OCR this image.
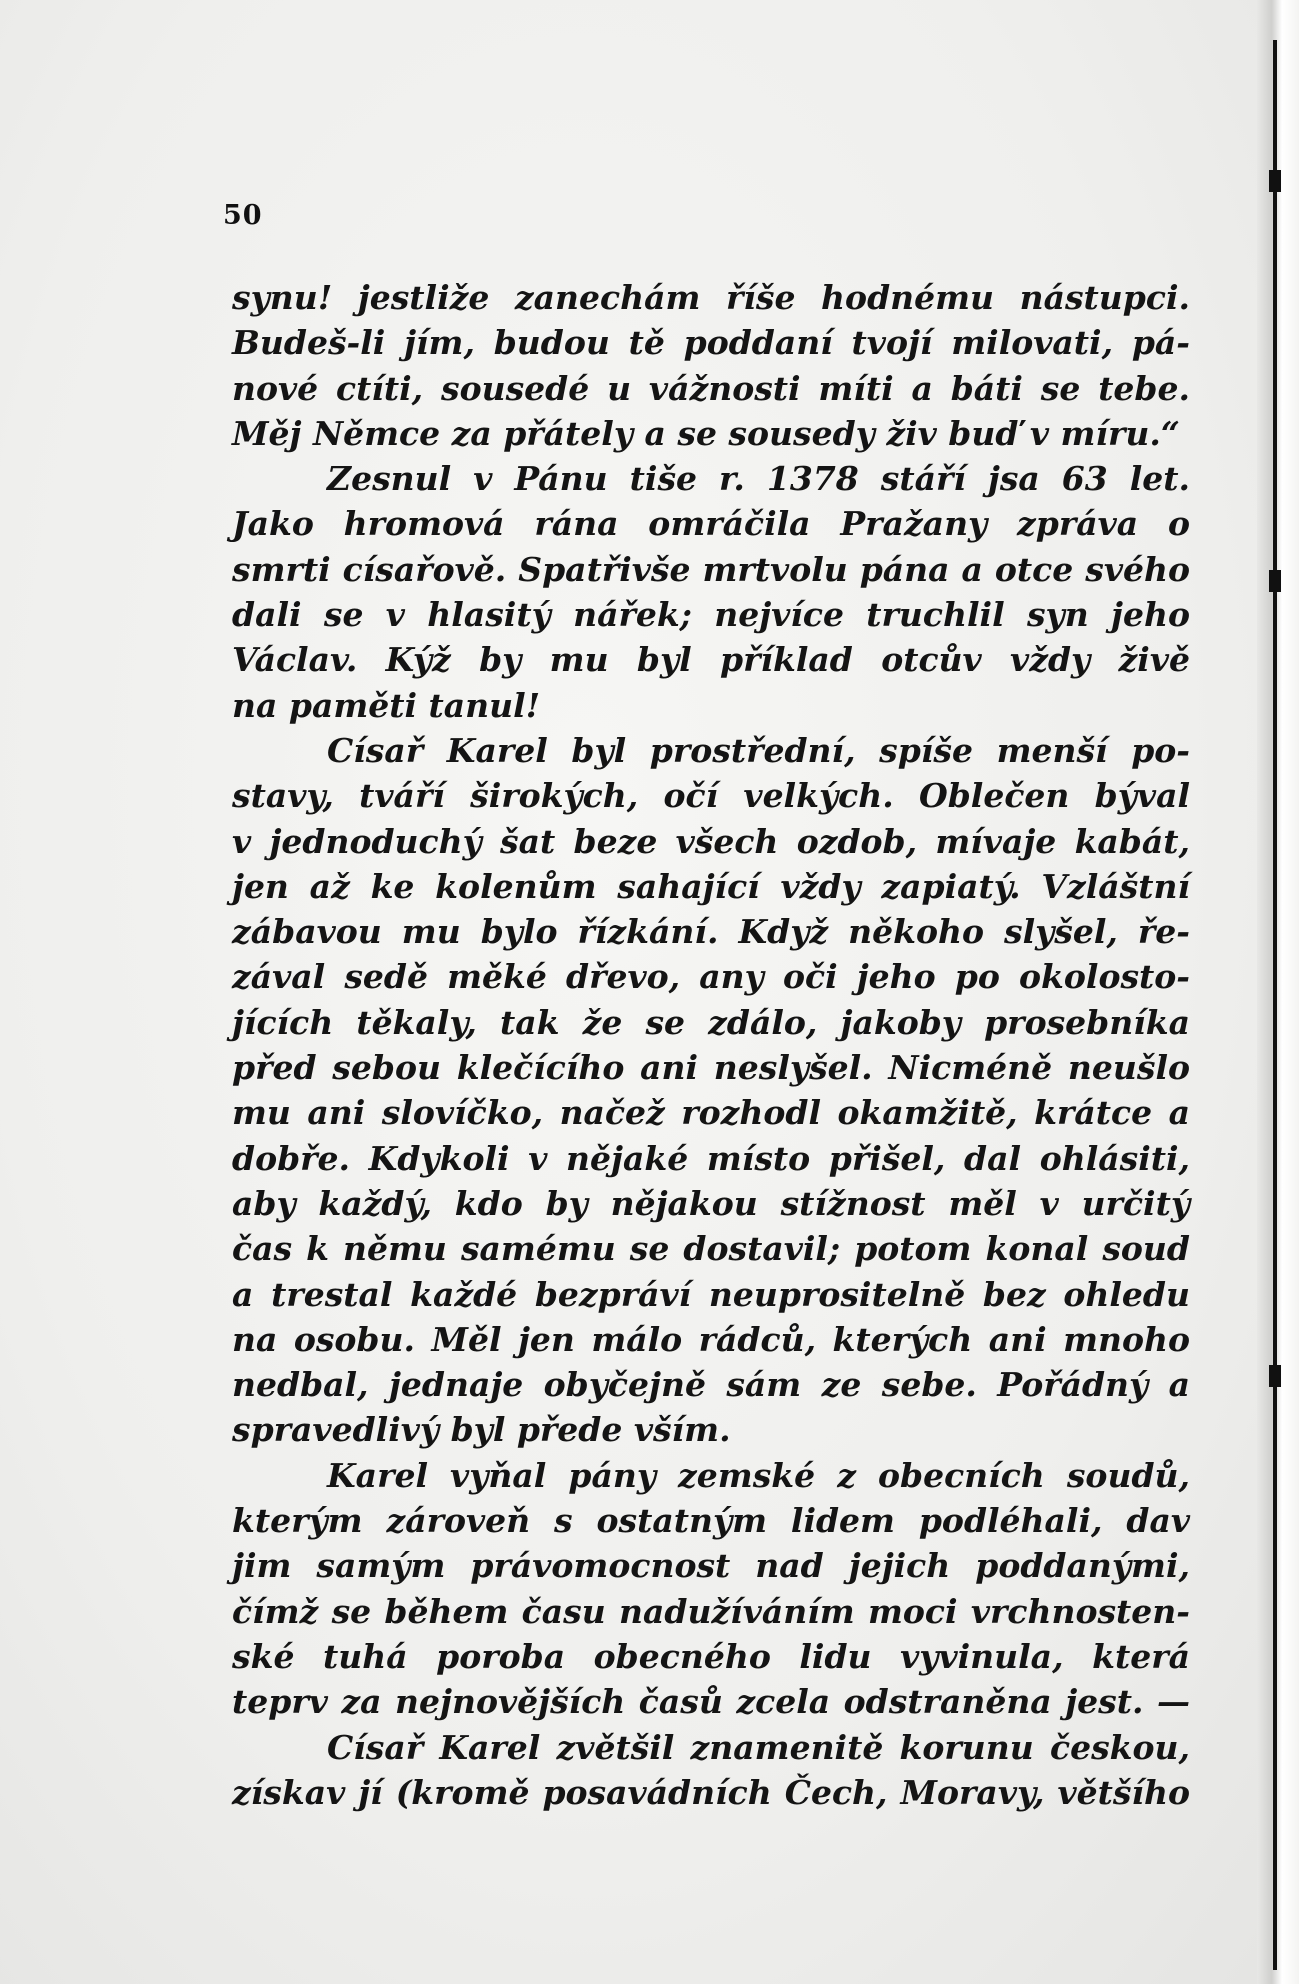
50
synu! jestliže zanechám říše hodnému nástupci.
Budeš-li jím, budou tě poddaní tvojí milovati, pá-
nové ctíti, sousedé u vážnosti míti a báti se tebe.
Měj Němce za přátely a se sousedy živ buď v míru.“
Zesnul v Pánu tiše r. 1378 stáří jsa 63 let.
Jako hromová rána omráčila Pražany zpráva o
smrti císařově. Spatřivše mrtvolu pána a otce svého
dali se v hlasitý nářek; nejvíce truchlil syn jeho
Václav. Kýž by mu byl příklad otcův vždy živě
na paměti tanul!
Císař Karel byl prostřední, spíše menší po-
stavy, tváří širokých, očí velkých. Oblečen býval
v jednoduchý šat beze všech ozdob, mívaje kabát,
jen až ke kolenům sahající vždy zapiatý. Vzláštní
zábavou mu bylo řízkání. Když někoho slyšel, ře-
zával sedě měké dřevo, any oči jeho po okolosto-
jících těkaly, tak že se zdálo, jakoby prosebníka
před sebou klečícího ani neslyšel. Nicméně neušlo
mu ani slovíčko, načež rozhodl okamžitě, krátce a
dobře. Kdykoli v nějaké místo přišel, dal ohlásiti,
aby každý, kdo by nějakou stížnost měl v určitý
čas k němu samému se dostavil; potom konal soud
a trestal každé bezpráví neuprositelně bez ohledu
na osobu. Měl jen málo rádců, kterých ani mnoho
nedbal, jednaje obyčejně sám ze sebe. Pořádný a
spravedlivý byl přede vším.
Karel vyňal pány zemské z obecních soudů,
kterým zároveň s ostatným lidem podléhali, dav
jim samým právomocnost nad jejich poddanými,
čímž se během času nadužíváním moci vrchnosten-
ské tuhá poroba obecného lidu vyvinula, která
teprv za nejnovějších časů zcela odstraněna jest. —
Císař Karel zvětšil znamenitě korunu českou,
získav jí (kromě posavádních Čech, Moravy, většího
